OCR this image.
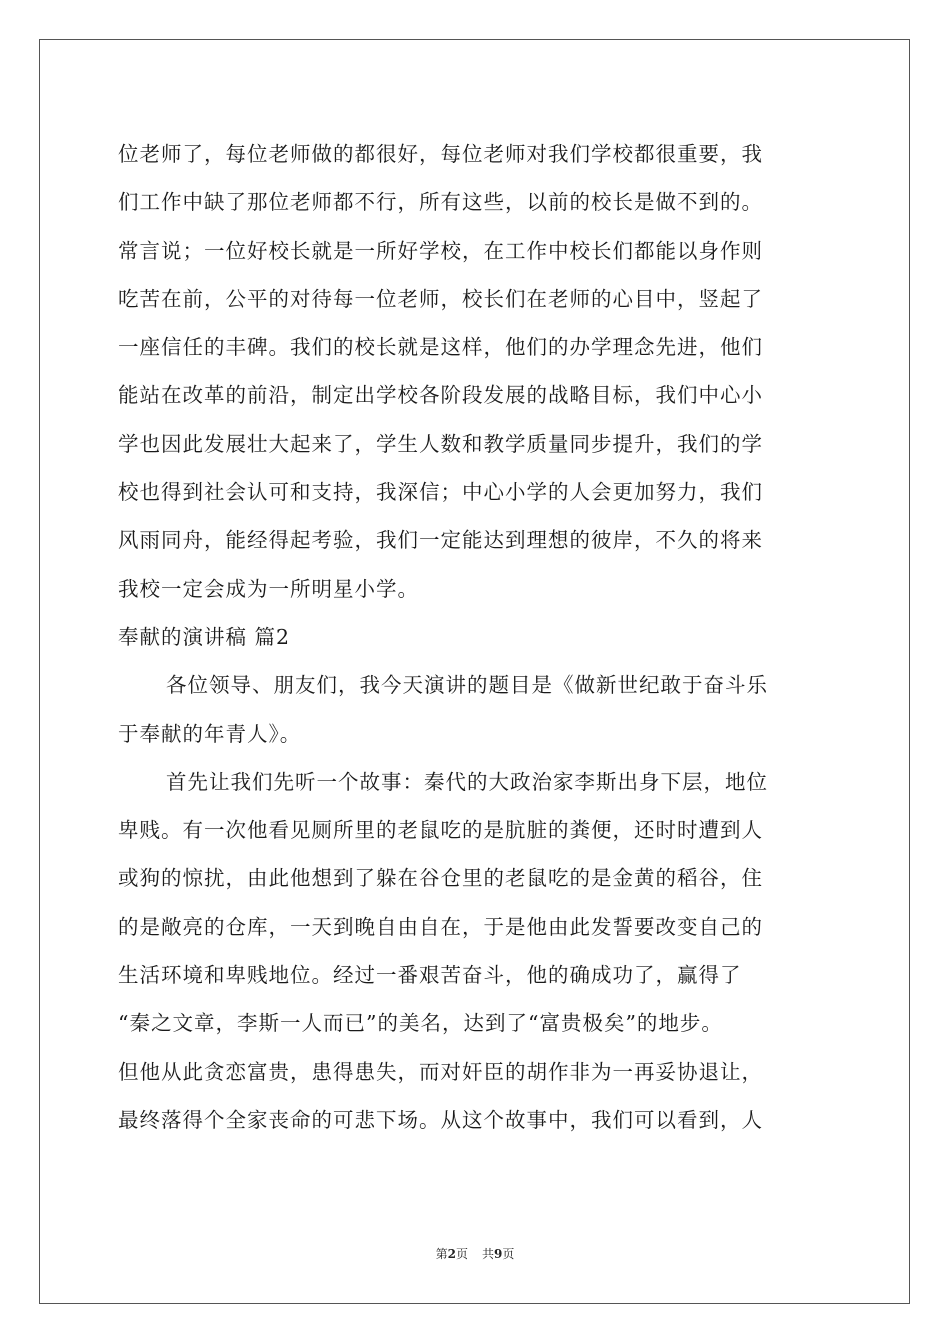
位老师了，每位老师做的都很好，每位老师对我们学校都很重要，我
们工作中缺了那位老师都不行，所有这些，以前的校长是做不到的。
常言说；一位好校长就是一所好学校，在工作中校长们都能以身作则
吃苦在前，公平的对待每一位老师，校长们在老师的心目中，竖起了
一座信任的丰碑。我们的校长就是这样，他们的办学理念先进，他们
能站在改革的前沿，制定出学校各阶段发展的战略目标，我们中心小
学也因此发展壮大起来了，学生人数和教学质量同步提升，我们的学
校也得到社会认可和支持，我深信；中心小学的人会更加努力，我们
风雨同舟，能经得起考验，我们一定能达到理想的彼岸，不久的将来
我校一定会成为一所明星小学。
奉献的演讲稿 篇2
各位领导、朋友们，我今天演讲的题目是《做新世纪敢于奋斗乐
于奉献的年青人》。
首先让我们先听一个故事：秦代的大政治家李斯出身下层，地位
卑贱。有一次他看见厕所里的老鼠吃的是肮脏的粪便，还时时遭到人
或狗的惊扰，由此他想到了躲在谷仓里的老鼠吃的是金黄的稻谷，住
的是敞亮的仓库，一天到晚自由自在，于是他由此发誓要改变自己的
生活环境和卑贱地位。经过一番艰苦奋斗，他的确成功了，赢得了
“秦之文章，李斯一人而已”的美名，达到了“富贵极矣”的地步。
但他从此贪恋富贵，患得患失，而对奸臣的胡作非为一再妥协退让，
最终落得个全家丧命的可悲下场。从这个故事中，我们可以看到，人
第2页 共9页
